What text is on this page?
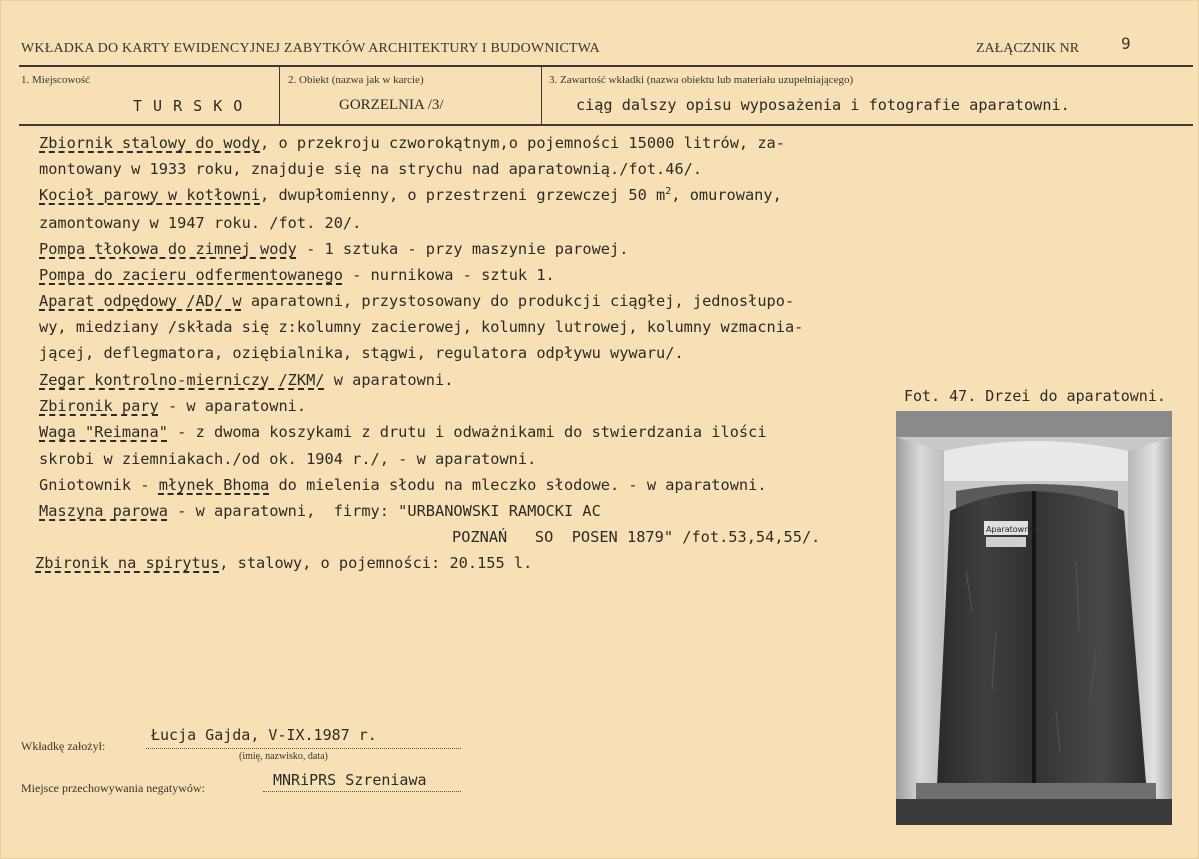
WKŁADKA DO KARTY EWIDENCYJNEJ ZABYTKÓW ARCHITEKTURY I BUDOWNICTWA	ZAŁĄCZNIK NR	9
1. Miejscowość
T U R S K O
2. Obiekt (nazwa jak w karcie)
GORZELNIA /3/
3. Zawartość wkładki (nazwa obiektu lub materiału uzupełniającego)
ciąg dalszy opisu wyposażenia i fotografie aparatowni.
Zbiornik stalowy do wody, o przekroju czworokątnym,o pojemności 15000 litrów, za-
montowany w 1933 roku, znajduje się na strychu nad aparatownią./fot.46/.
Kocioł parowy w kotłowni, dwupłomienny, o przestrzeni grzewczej 50 $m^2$, omurowany,
zamontowany w 1947 roku. /fot. 20/.
Pompa tłokowa do zimnej wody - 1 sztuka - przy maszynie parowej.
Pompa do zacieru odfermentowanego - nurnikowa - sztuk 1.
Aparat odpędowy /AD/ w aparatowni, przystosowany do produkcji ciągłej, jednosłupo-
wy, miedziany /składa się z:kolumny zacierowej, kolumny lutrowej, kolumny wzmacnia-
jącej, deflegmatora, oziębialnika, stągwi, regulatora odpływu wywaru/.
Zegar kontrolno-mierniczy /ZKM/ w aparatowni.
Zbironik pary - w aparatowni.
Waga "Reimana" - z dwoma koszykami z drutu i odważnikami do stwierdzania ilości
skrobi w ziemniakach./od ok. 1904 r./, - w aparatowni.
Gniotownik - młynek Bhoma do mielenia słodu na mleczko słodowe. - w aparatowni.
Maszyna parowa - w aparatowni,  firmy: "URBANOWSKI RAMOCKI AC
POZNAŃ   SO  POSEN 1879" /fot.53,54,55/.
Zbironik na spirytus, stalowy, o pojemności: 20.155 l.
Fot. 47. Drzei do aparatowni.
Aparatownia
Wkładkę założył:
Łucja Gajda, V-IX.1987 r.
(imię, nazwisko, data)
Miejsce przechowywania negatywów:	MNRiPRS Szreniawa
